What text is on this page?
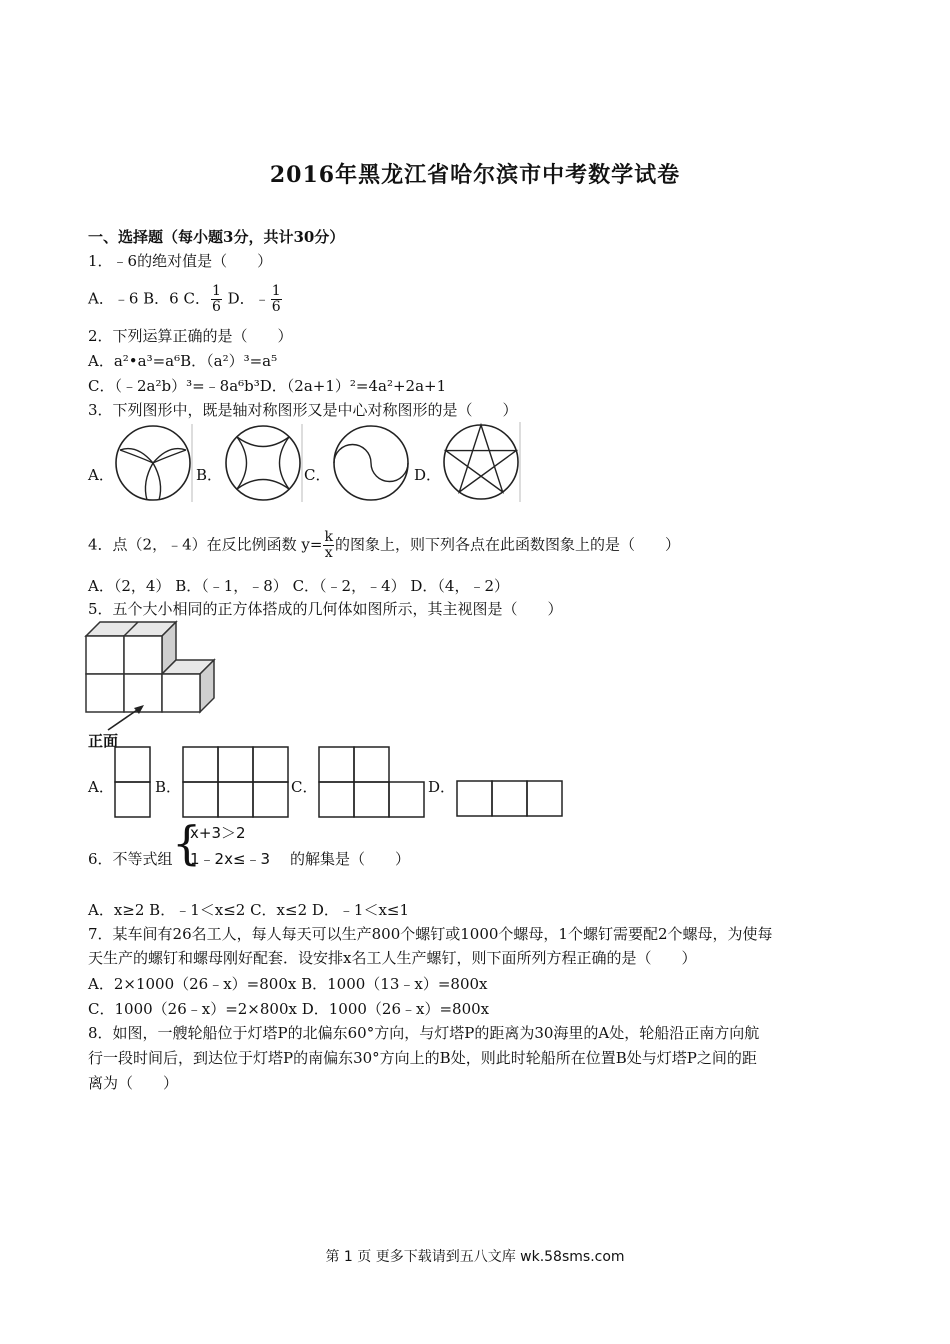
2016年黑龙江省哈尔滨市中考数学试卷
一、选择题（每小题3分，共计30分）
1．﹣6的绝对值是（　　）
A．﹣6 B．6 C． $\frac{1}{6}$ D．﹣ $\frac{1}{6}$
2．下列运算正确的是（　　）
A．a²•a³=a⁶B．（a²）³=a⁵
C．（﹣2a²b）³=﹣8a⁶b³D．（2a+1）²=4a²+2a+1
3．下列图形中，既是轴对称图形又是中心对称图形的是（　　）
A．	B．	C．	D．
4．点（2，﹣4）在反比例函数 $y= \frac{k}{x}$ 的图象上，则下列各点在此函数图象上的是（　　）
A．（2，4） B．（﹣1，﹣8） C．（﹣2，﹣4） D．（4，﹣2）
5．五个大小相同的正方体搭成的几何体如图所示，其主视图是（　　）
正面
A．	B．	C．	D．
6．不等式组 {
x+3＞2
1﹣2x≤﹣3 的解集是（　　）
A．x≥2 B．﹣1＜x≤2 C．x≤2 D．﹣1＜x≤1
7．某车间有26名工人，每人每天可以生产800个螺钉或1000个螺母，1个螺钉需要配2个螺母，为使每
天生产的螺钉和螺母刚好配套．设安排x名工人生产螺钉，则下面所列方程正确的是（　　）
A．2×1000（26﹣x）=800x B．1000（13﹣x）=800x
C．1000（26﹣x）=2×800x D．1000（26﹣x）=800x
8．如图，一艘轮船位于灯塔P的北偏东60°方向，与灯塔P的距离为30海里的A处，轮船沿正南方向航
行一段时间后，到达位于灯塔P的南偏东30°方向上的B处，则此时轮船所在位置B处与灯塔P之间的距
离为（　　）
第 1 页 更多下载请到五八文库 wk.58sms.com
